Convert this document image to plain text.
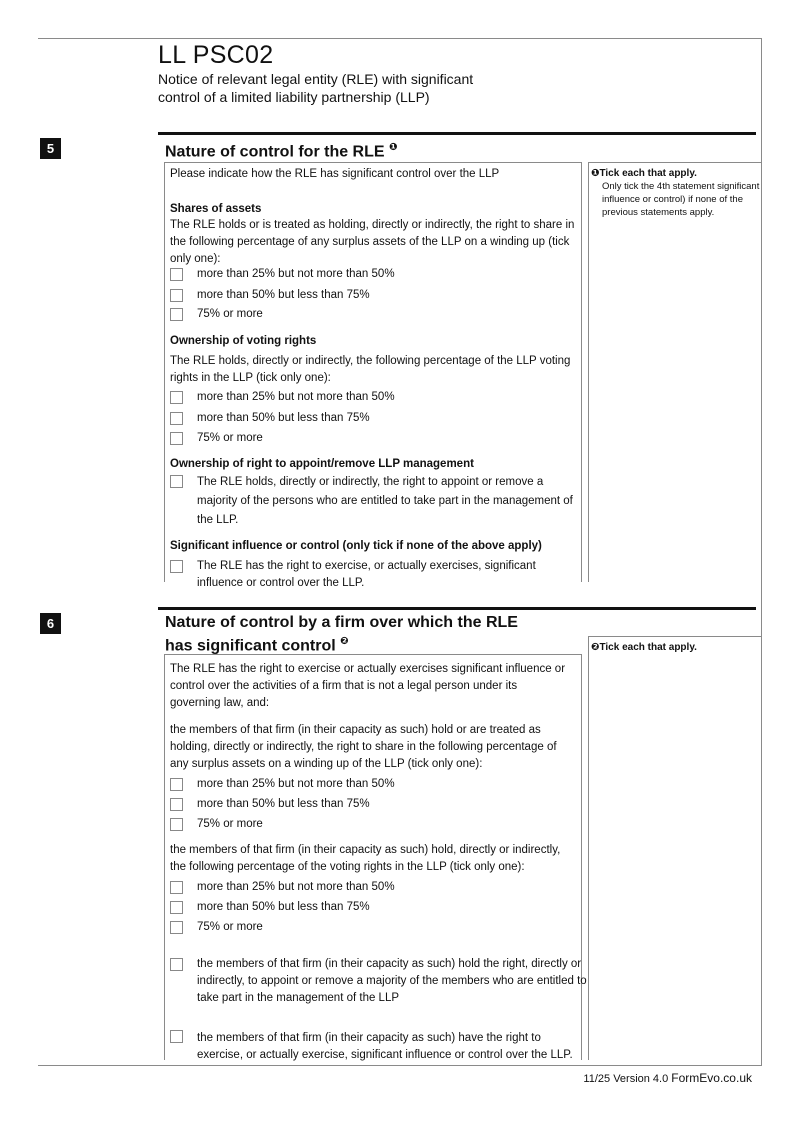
LL PSC02
Notice of relevant legal entity (RLE) with significant control of a limited liability partnership (LLP)
5	Nature of control for the RLE $^❶$
❶Tick each that apply.
Only tick the 4th statement significant influence or control) if none of the previous statements apply.
Please indicate how the RLE has significant control over the LLP
Shares of assets
The RLE holds or is treated as holding, directly or indirectly, the right to share in the following percentage of any surplus assets of the LLP on a winding up (tick only one):
more than 25% but not more than 50%
more than 50% but less than 75%
75% or more
Ownership of voting rights
The RLE holds, directly or indirectly, the following percentage of the LLP voting rights in the LLP (tick only one):
more than 25% but not more than 50%
more than 50% but less than 75%
75% or more
Ownership of right to appoint/remove LLP management
The RLE holds, directly or indirectly, the right to appoint or remove a majority of the persons who are entitled to take part in the management of the LLP.
Significant influence or control (only tick if none of the above apply)
The RLE has the right to exercise, or actually exercises, significant influence or control over the LLP.
6	Nature of control by a firm over which the RLE has significant control $^❷$
❷Tick each that apply.
The RLE has the right to exercise or actually exercises significant influence or control over the activities of a firm that is not a legal person under its governing law, and:
the members of that firm (in their capacity as such) hold or are treated as holding, directly or indirectly, the right to share in the following percentage of any surplus assets on a winding up of the LLP (tick only one):
more than 25% but not more than 50%
more than 50% but less than 75%
75% or more
the members of that firm (in their capacity as such) hold, directly or indirectly, the following percentage of the voting rights in the LLP (tick only one):
more than 25% but not more than 50%
more than 50% but less than 75%
75% or more
the members of that firm (in their capacity as such) hold the right, directly or indirectly, to appoint or remove a majority of the members who are entitled to take part in the management of the LLP
the members of that firm (in their capacity as such) have the right to exercise, or actually exercise, significant influence or control over the LLP.
11/25 Version 4.0 FormEvo.co.uk
